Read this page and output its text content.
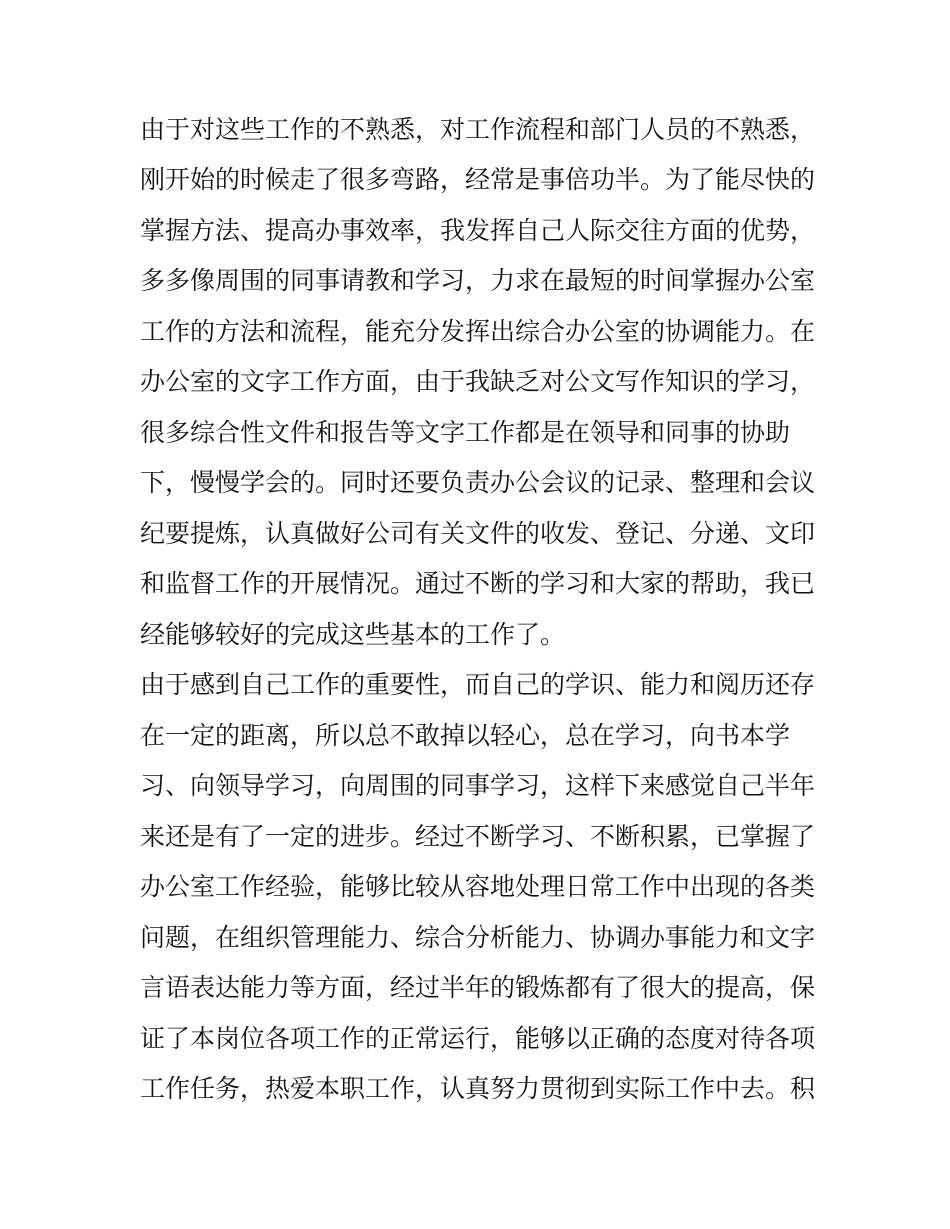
由于对这些工作的不熟悉，对工作流程和部门人员的不熟悉，
刚开始的时候走了很多弯路，经常是事倍功半。为了能尽快的
掌握方法、提高办事效率，我发挥自己人际交往方面的优势，
多多像周围的同事请教和学习，力求在最短的时间掌握办公室
工作的方法和流程，能充分发挥出综合办公室的协调能力。在
办公室的文字工作方面，由于我缺乏对公文写作知识的学习，
很多综合性文件和报告等文字工作都是在领导和同事的协助
下，慢慢学会的。同时还要负责办公会议的记录、整理和会议
纪要提炼，认真做好公司有关文件的收发、登记、分递、文印
和监督工作的开展情况。通过不断的学习和大家的帮助，我已
经能够较好的完成这些基本的工作了。
由于感到自己工作的重要性，而自己的学识、能力和阅历还存
在一定的距离，所以总不敢掉以轻心，总在学习，向书本学
习、向领导学习，向周围的同事学习，这样下来感觉自己半年
来还是有了一定的进步。经过不断学习、不断积累，已掌握了
办公室工作经验，能够比较从容地处理日常工作中出现的各类
问题，在组织管理能力、综合分析能力、协调办事能力和文字
言语表达能力等方面，经过半年的锻炼都有了很大的提高，保
证了本岗位各项工作的正常运行，能够以正确的态度对待各项
工作任务，热爱本职工作，认真努力贯彻到实际工作中去。积
